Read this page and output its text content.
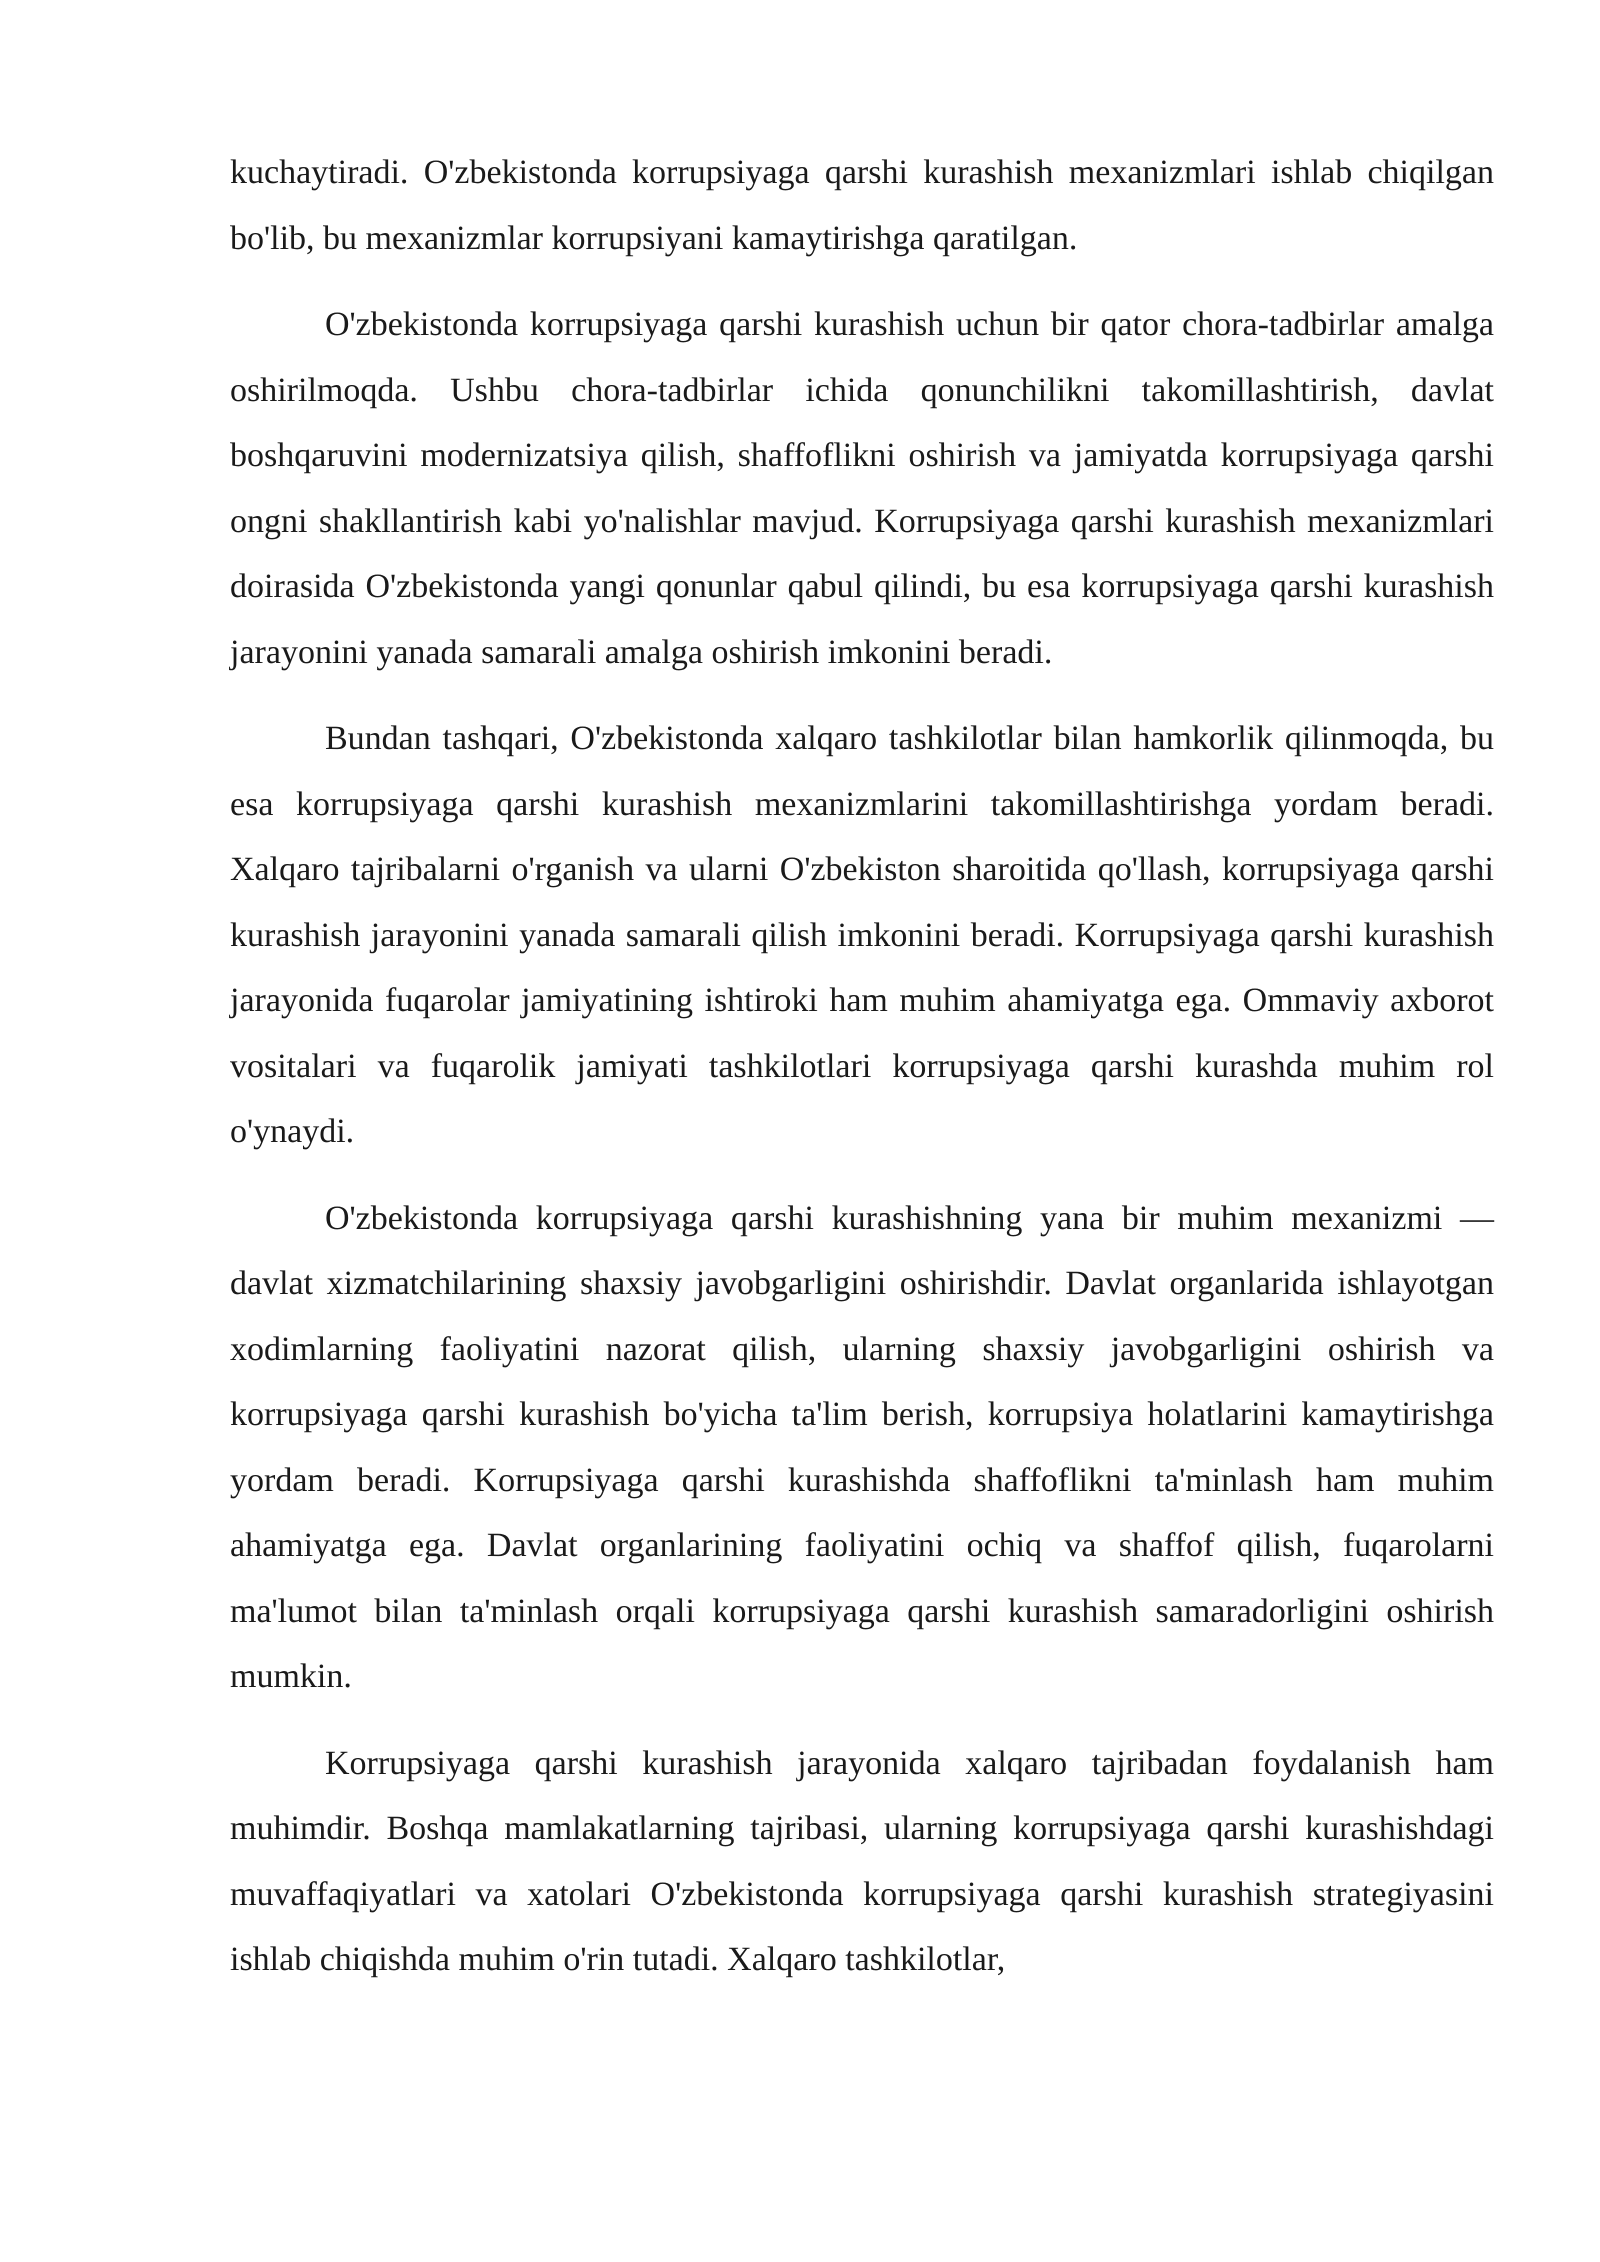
kuchaytiradi. O'zbekistonda korrupsiyaga qarshi kurashish mexanizmlari ishlab chiqilgan bo'lib, bu mexanizmlar korrupsiyani kamaytirishga qaratilgan.

O'zbekistonda korrupsiyaga qarshi kurashish uchun bir qator chora-tadbirlar amalga oshirilmoqda. Ushbu chora-tadbirlar ichida qonunchilikni takomillashtirish, davlat boshqaruvini modernizatsiya qilish, shaffoflikni oshirish va jamiyatda korrupsiyaga qarshi ongni shakllantirish kabi yo'nalishlar mavjud. Korrupsiyaga qarshi kurashish mexanizmlari doirasida O'zbekistonda yangi qonunlar qabul qilindi, bu esa korrupsiyaga qarshi kurashish jarayonini yanada samarali amalga oshirish imkonini beradi.

Bundan tashqari, O'zbekistonda xalqaro tashkilotlar bilan hamkorlik qilinmoqda, bu esa korrupsiyaga qarshi kurashish mexanizmlarini takomillashtirishga yordam beradi. Xalqaro tajribalarni o'rganish va ularni O'zbekiston sharoitida qo'llash, korrupsiyaga qarshi kurashish jarayonini yanada samarali qilish imkonini beradi. Korrupsiyaga qarshi kurashish jarayonida fuqarolar jamiyatining ishtiroki ham muhim ahamiyatga ega. Ommaviy axborot vositalari va fuqarolik jamiyati tashkilotlari korrupsiyaga qarshi kurashda muhim rol o'ynaydi.

O'zbekistonda korrupsiyaga qarshi kurashishning yana bir muhim mexanizmi — davlat xizmatchilarining shaxsiy javobgarligini oshirishdir. Davlat organlarida ishlayotgan xodimlarning faoliyatini nazorat qilish, ularning shaxsiy javobgarligini oshirish va korrupsiyaga qarshi kurashish bo'yicha ta'lim berish, korrupsiya holatlarini kamaytirishga yordam beradi. Korrupsiyaga qarshi kurashishda shaffoflikni ta'minlash ham muhim ahamiyatga ega. Davlat organlarining faoliyatini ochiq va shaffof qilish, fuqarolarni ma'lumot bilan ta'minlash orqali korrupsiyaga qarshi kurashish samaradorligini oshirish mumkin.

Korrupsiyaga qarshi kurashish jarayonida xalqaro tajribadan foydalanish ham muhimdir. Boshqa mamlakatlarning tajribasi, ularning korrupsiyaga qarshi kurashishdagi muvaffaqiyatlari va xatolari O'zbekistonda korrupsiyaga qarshi kurashish strategiyasini ishlab chiqishda muhim o'rin tutadi. Xalqaro tashkilotlar,
